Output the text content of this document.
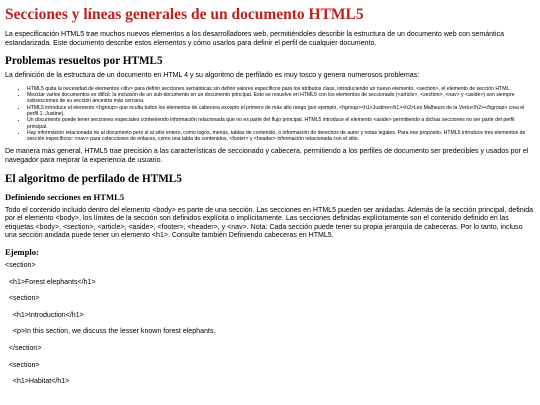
Secciones y líneas generales de un documento HTML5
La especificación HTML5 trae muchos nuevos elementos a los desarrolladores web, permitiéndoles describir la estructura de un documento web con semántica estandarizada. Este documento describe estos elementos y cómo usarlos para definir el perfil de cualquier documento.
Problemas resueltos por HTML5
La definición de la estructura de un documento en HTML 4 y su algoritmo de perfilado es muy tosco y genera numerosos problemas:
• HTML5 quita la necesidad de elementos <div> para definir secciones semánticas sin definir valores específicos para los atributos class, introduciendo un nuevo elemento, <section>, el elemento de sección HTML.
• Mezclar varios documentos es difícil: la inclusión de un sub-documento en un documento principal. Esto se resuelve en HTML5 con los elementos de seccionado (<article>, <section>, <nav> y <aside>) son siempre subsecciones de su sección ancestra más cercana.
• HTML5 introduce el elemento <hgroup> que oculta todos los elementos de cabecera excepto el primero de más alto rango (por ejemplo, <hgroup><h1>Justine</h1><h2>Les Malheurs de la Vertu</h2></hgroup> crea el perfil 1. Justine).
• Un documento puede tener secciones especiales conteniendo información relacionada que no es parte del flujo principal. HTML5 introduce el elemento <aside> permitiendo a dichas secciones no ser parte del perfil principal.
• Hay información relacionada no al documento pero si al sitio entero, como logos, menús, tablas de contenido, o información de derechos de autor y notas legales. Para ese propósito, HTML5 introduce tres elementos de sección específicos: <nav> para colecciones de enlaces, como una tabla de contenidos, <footer> y <header> información relacionada con el sitio.
De manera más general, HTML5 trae precisión a las características de seccionado y cabecera, permitiendo a los perfiles de documento ser predecibles y usados por el navegador para mejorar la experiencia de usuario.
El algoritmo de perfilado de HTML5
Definiendo secciones en HTML5
Todo el contenido incluido dentro del elemento <body> es parte de una sección. Las secciones en HTML5 pueden ser anidadas. Además de la sección principal, definida por el elemento <body>, los límites de la sección son definidos explícita o implícitamente. Las secciones definidas explícitamente son el contenido definido en las etiquetas <body>, <section>, <article>, <aside>, <footer>, <header>, y <nav>. Nota: Cada sección puede tener su propia jerarquía de cabeceras. Por lo tanto, incluso una sección anidada puede tener un elemento <h1>. Consulte también Definiendo cabeceras en HTML5.
Ejemplo:
<section>
<h1>Forest elephants</h1>
<section>
<h1>Introduction</h1>
<p>In this section, we discuss the lesser known forest elephants.
</section>
<section>
<h1>Habitat</h1>
